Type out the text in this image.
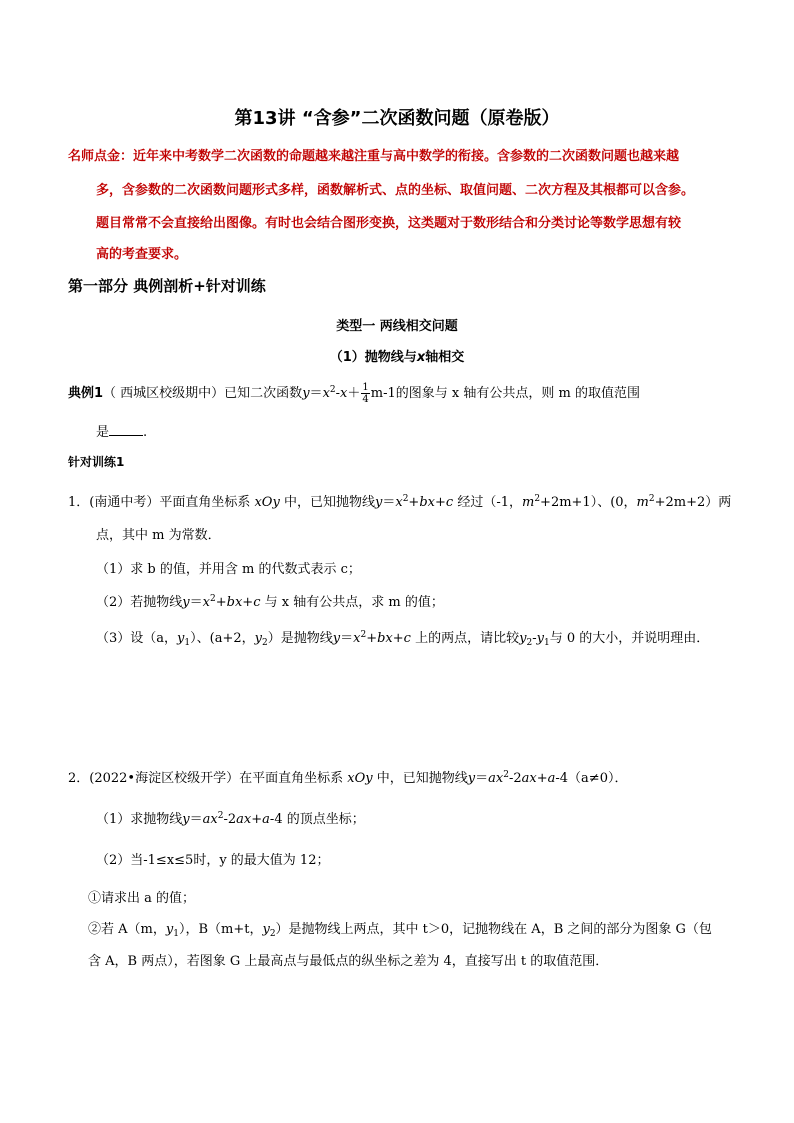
第13讲 “含参”二次函数问题（原卷版）
名师点金：近年来中考数学二次函数的命题越来越注重与高中数学的衔接。含参数的二次函数问题也越来越
多，含参数的二次函数问题形式多样，函数解析式、点的坐标、取值问题、二次方程及其根都可以含参。
题目常常不会直接给出图像。有时也会结合图形变换，这类题对于数形结合和分类讨论等数学思想有较
高的考查要求。
第一部分 典例剖析+针对训练
类型一 两线相交问题
（1）抛物线与x轴相交
典例1（ 西城区校级期中）已知二次函数$y=x^2-x+ \frac{1}{4} m-1$的图象与 x 轴有公共点，则 m 的取值范围
是	.
针对训练1
1．(南通中考）平面直角坐标系 xOy 中，已知抛物线$y=x^2+bx+c$ 经过（-1，$m^2+2m+1$）、(0，$m^2+2m+2$）两
点，其中 m 为常数．
（1）求 b 的值，并用含 m 的代数式表示 c；
（2）若抛物线$y=x^2+bx+c$ 与 x 轴有公共点，求 m 的值；
（3）设（a，$y_1$）、(a+2，$y_2$）是抛物线$y=x^2+bx+c$ 上的两点，请比较$y_2-y_1$与 0 的大小，并说明理由．
2．(2022•海淀区校级开学）在平面直角坐标系 xOy 中，已知抛物线$y=ax^2-2ax+a-4(a\ne 0)$．
（1）求抛物线$y=ax^2-2ax+a-4$ 的顶点坐标；
（2）当-1≤x≤5时，y 的最大值为 12；
①请求出 a 的值；
②若 A（m，$y_1$），B（m+t，$y_2$）是抛物线上两点，其中 t＞0，记抛物线在 A，B 之间的部分为图象 G（包
含 A，B 两点），若图象 G 上最高点与最低点的纵坐标之差为 4，直接写出 t 的取值范围．
